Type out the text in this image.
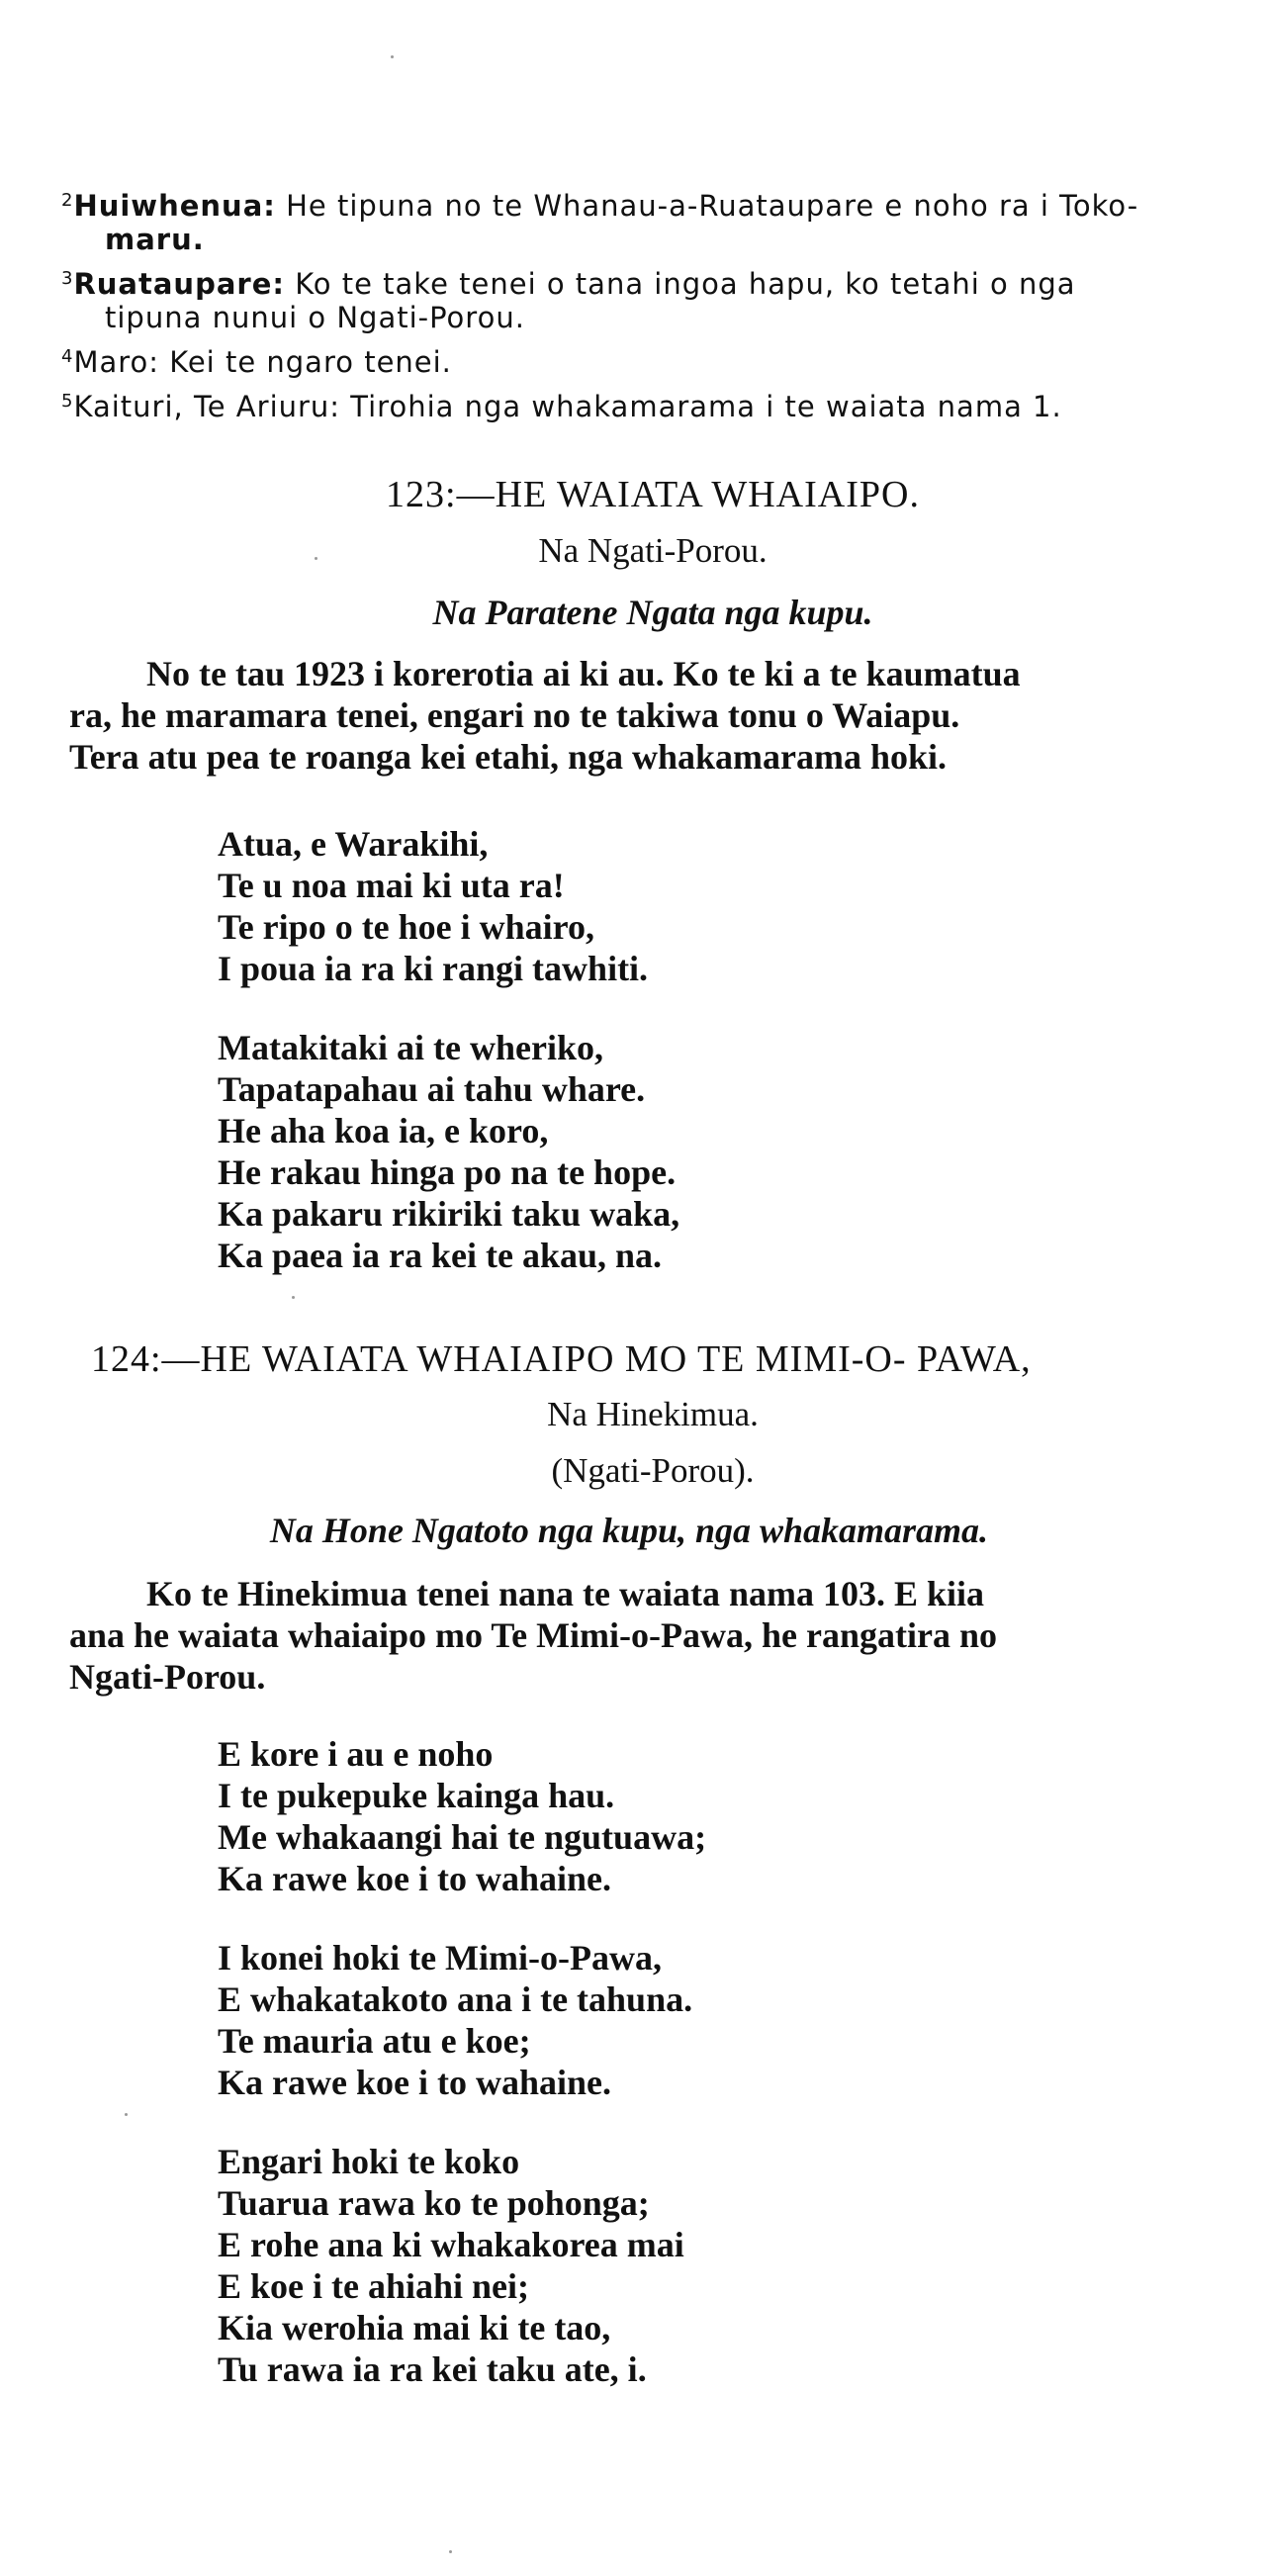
$^2$Huiwhenua: He tipuna no te Whanau-a-Ruataupare e noho ra i Toko-
maru.
$^3$Ruataupare: Ko te take tenei o tana ingoa hapu, ko tetahi o nga
tipuna nunui o Ngati-Porou.
$^4$Maro: Kei te ngaro tenei.
$^5$Kaituri, Te Ariuru: Tirohia nga whakamarama i te waiata nama 1.
123:—HE WAIATA WHAIAIPO.
Na Ngati-Porou.
Na Paratene Ngata nga kupu.
No te tau 1923 i korerotia ai ki au. Ko te ki a te kaumatua
ra, he maramara tenei, engari no te takiwa tonu o Waiapu.
Tera atu pea te roanga kei etahi, nga whakamarama hoki.
Atua, e Warakihi,
Te u noa mai ki uta ra!
Te ripo o te hoe i whairo,
I poua ia ra ki rangi tawhiti.
Matakitaki ai te wheriko,
Tapatapahau ai tahu whare.
He aha koa ia, e koro,
He rakau hinga po na te hope.
Ka pakaru rikiriki taku waka,
Ka paea ia ra kei te akau, na.
124:—HE WAIATA WHAIAIPO MO TE MIMI-O- PAWA,
Na Hinekimua.
(Ngati-Porou).
Na Hone Ngatoto nga kupu, nga whakamarama.
Ko te Hinekimua tenei nana te waiata nama 103. E kiia
ana he waiata whaiaipo mo Te Mimi-o-Pawa, he rangatira no
Ngati-Porou.
E kore i au e noho
I te pukepuke kainga hau.
Me whakaangi hai te ngutuawa;
Ka rawe koe i to wahaine.
I konei hoki te Mimi-o-Pawa,
E whakatakoto ana i te tahuna.
Te mauria atu e koe;
Ka rawe koe i to wahaine.
Engari hoki te koko
Tuarua rawa ko te pohonga;
E rohe ana ki whakakorea mai
E koe i te ahiahi nei;
Kia werohia mai ki te tao,
Tu rawa ia ra kei taku ate, i.
